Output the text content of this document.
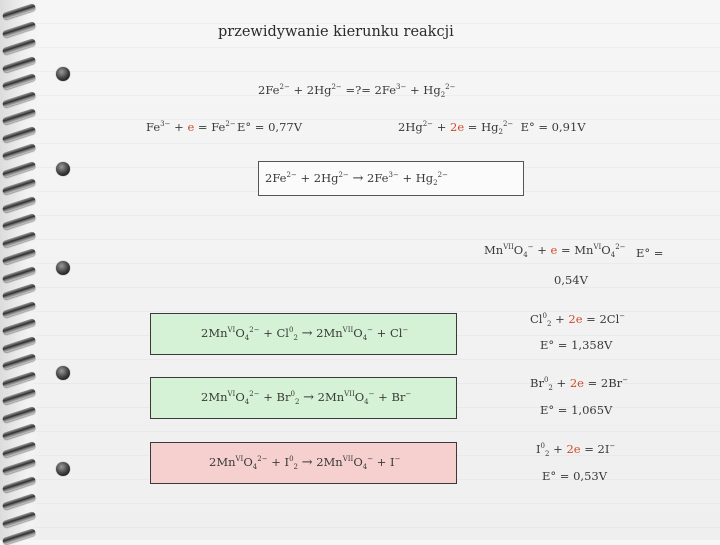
przewidywanie kierunku reakcji
$2Fe^{2-} + 2Hg^{2-}$ =?= $2Fe^{3-} + Hg_2^{2-}$
$Fe^{3-} + e = Fe^{2-}$ E° = 0,77V	$2Hg^{2-} + 2e = Hg_2^{2-}$ E° = 0,91V
$2Fe^{2-} + 2Hg^{2-} \to 2Fe^{3-} + Hg_2^{2-}$
$Mn^{VII}O_4^- + e = Mn^{VI}O_4^{2-}$ E° =
0,54V
$2Mn^{VI}O_4^{2-} + Cl^0_2 \to 2Mn^{VII}O_4^- + Cl^-$
$Cl^0_2 + 2e = 2Cl^-$
E° = 1,358V
$2Mn^{VI}O_4^{2-} + Br^0_2 \to 2Mn^{VII}O_4^- + Br^-$
$Br^0_2 + 2e = 2Br^-$
E° = 1,065V
$2Mn^{VI}O_4^{2-} + I^0_2 \to 2Mn^{VII}O_4^- + I^-$
$I^0_2 + 2e = 2I^-$
E° = 0,53V
